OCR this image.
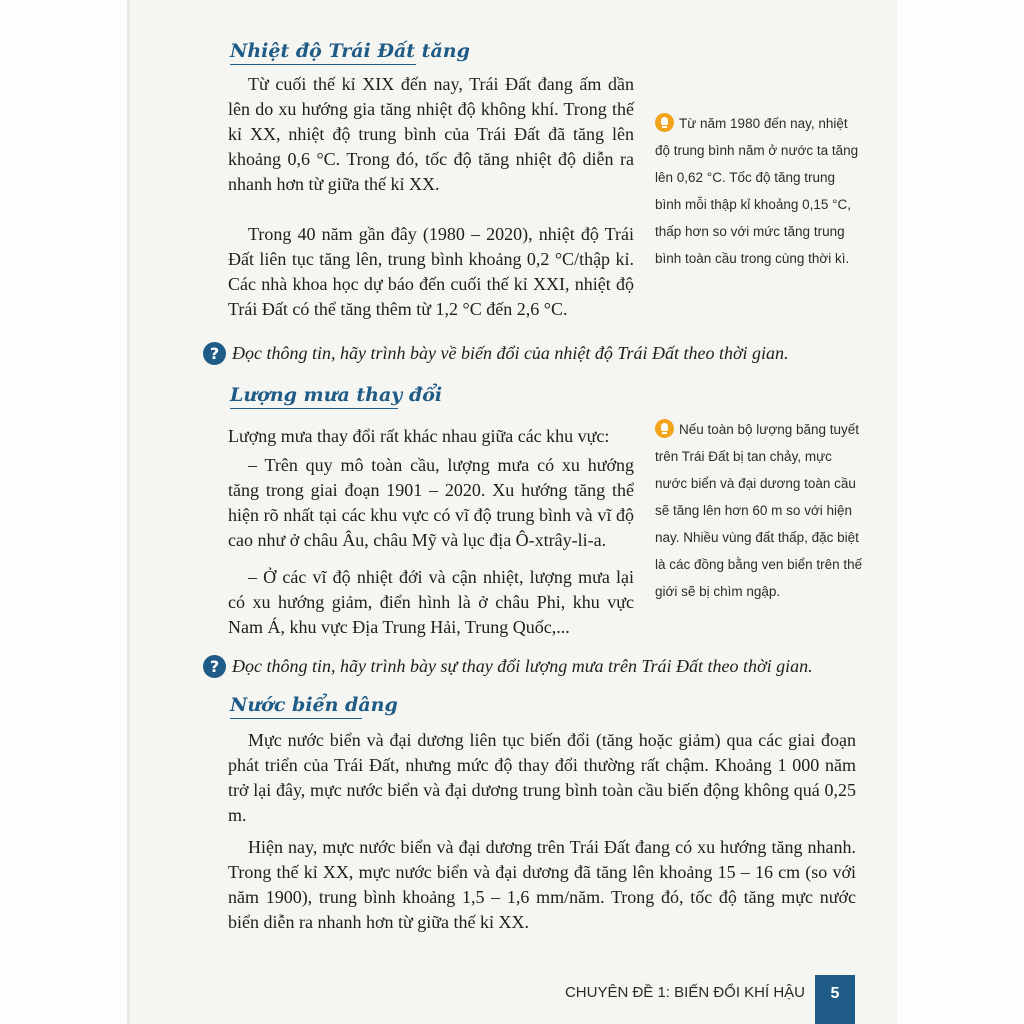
Nhiệt độ Trái Đất tăng

Từ cuối thế kỉ XIX đến nay, Trái Đất đang ấm dần lên do xu hướng gia tăng nhiệt độ không khí. Trong thế kỉ XX, nhiệt độ trung bình của Trái Đất đã tăng lên khoảng 0,6 °C. Trong đó, tốc độ tăng nhiệt độ diễn ra nhanh hơn từ giữa thế kỉ XX.

Trong 40 năm gần đây (1980 – 2020), nhiệt độ Trái Đất liên tục tăng lên, trung bình khoảng 0,2 °C/thập kỉ. Các nhà khoa học dự báo đến cuối thế kỉ XXI, nhiệt độ Trái Đất có thể tăng thêm từ 1,2 °C đến 2,6 °C.

Từ năm 1980 đến nay, nhiệt độ trung bình năm ở nước ta tăng lên 0,62 °C. Tốc độ tăng trung bình mỗi thập kỉ khoảng 0,15 °C, thấp hơn so với mức tăng trung bình toàn cầu trong cùng thời kì.

? Đọc thông tin, hãy trình bày về biến đổi của nhiệt độ Trái Đất theo thời gian.
Lượng mưa thay đổi

Lượng mưa thay đổi rất khác nhau giữa các khu vực:

– Trên quy mô toàn cầu, lượng mưa có xu hướng tăng trong giai đoạn 1901 – 2020. Xu hướng tăng thể hiện rõ nhất tại các khu vực có vĩ độ trung bình và vĩ độ cao như ở châu Âu, châu Mỹ và lục địa Ô-xtrây-li-a.

– Ở các vĩ độ nhiệt đới và cận nhiệt, lượng mưa lại có xu hướng giảm, điển hình là ở châu Phi, khu vực Nam Á, khu vực Địa Trung Hải, Trung Quốc,...

Nếu toàn bộ lượng băng tuyết trên Trái Đất bị tan chảy, mực nước biển và đại dương toàn cầu sẽ tăng lên hơn 60 m so với hiện nay. Nhiều vùng đất thấp, đặc biệt là các đồng bằng ven biển trên thế giới sẽ bị chìm ngập.

? Đọc thông tin, hãy trình bày sự thay đổi lượng mưa trên Trái Đất theo thời gian.
Nước biển dâng

Mực nước biển và đại dương liên tục biến đổi (tăng hoặc giảm) qua các giai đoạn phát triển của Trái Đất, nhưng mức độ thay đổi thường rất chậm. Khoảng 1 000 năm trở lại đây, mực nước biển và đại dương trung bình toàn cầu biến động không quá 0,25 m.

Hiện nay, mực nước biển và đại dương trên Trái Đất đang có xu hướng tăng nhanh. Trong thế kỉ XX, mực nước biển và đại dương đã tăng lên khoảng 15 – 16 cm (so với năm 1900), trung bình khoảng 1,5 – 1,6 mm/năm. Trong đó, tốc độ tăng mực nước biển diễn ra nhanh hơn từ giữa thế kỉ XX.

CHUYÊN ĐỀ 1: BIẾN ĐỔI KHÍ HẬU	5
